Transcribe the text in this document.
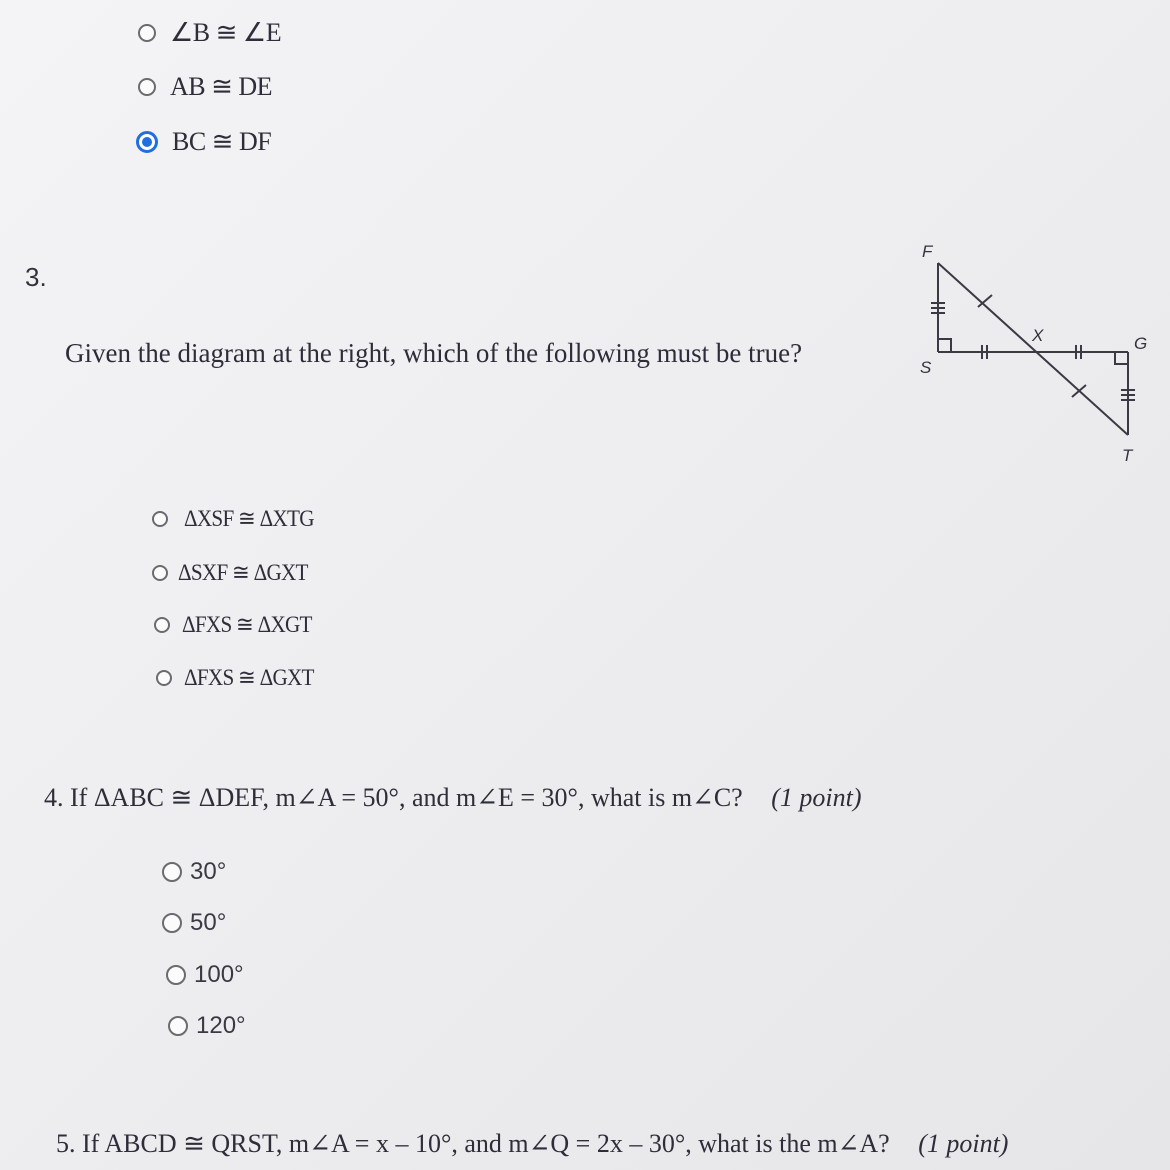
∠B ≅ ∠E
AB ≅ DE
BC ≅ DF
3.
Given the diagram at the right, which of the following must be true?
F
S
X	G
T
ΔXSF ≅ ΔXTG
ΔSXF ≅ ΔGXT
ΔFXS ≅ ΔXGT
ΔFXS ≅ ΔGXT
4. If ΔABC ≅ ΔDEF, m∠A = 50°, and m∠E = 30°, what is m∠C? (1 point)
30°
50°
100°
120°
5. If ABCD ≅ QRST, m∠A = x – 10°, and m∠Q = 2x – 30°, what is the m∠A? (1 point)
